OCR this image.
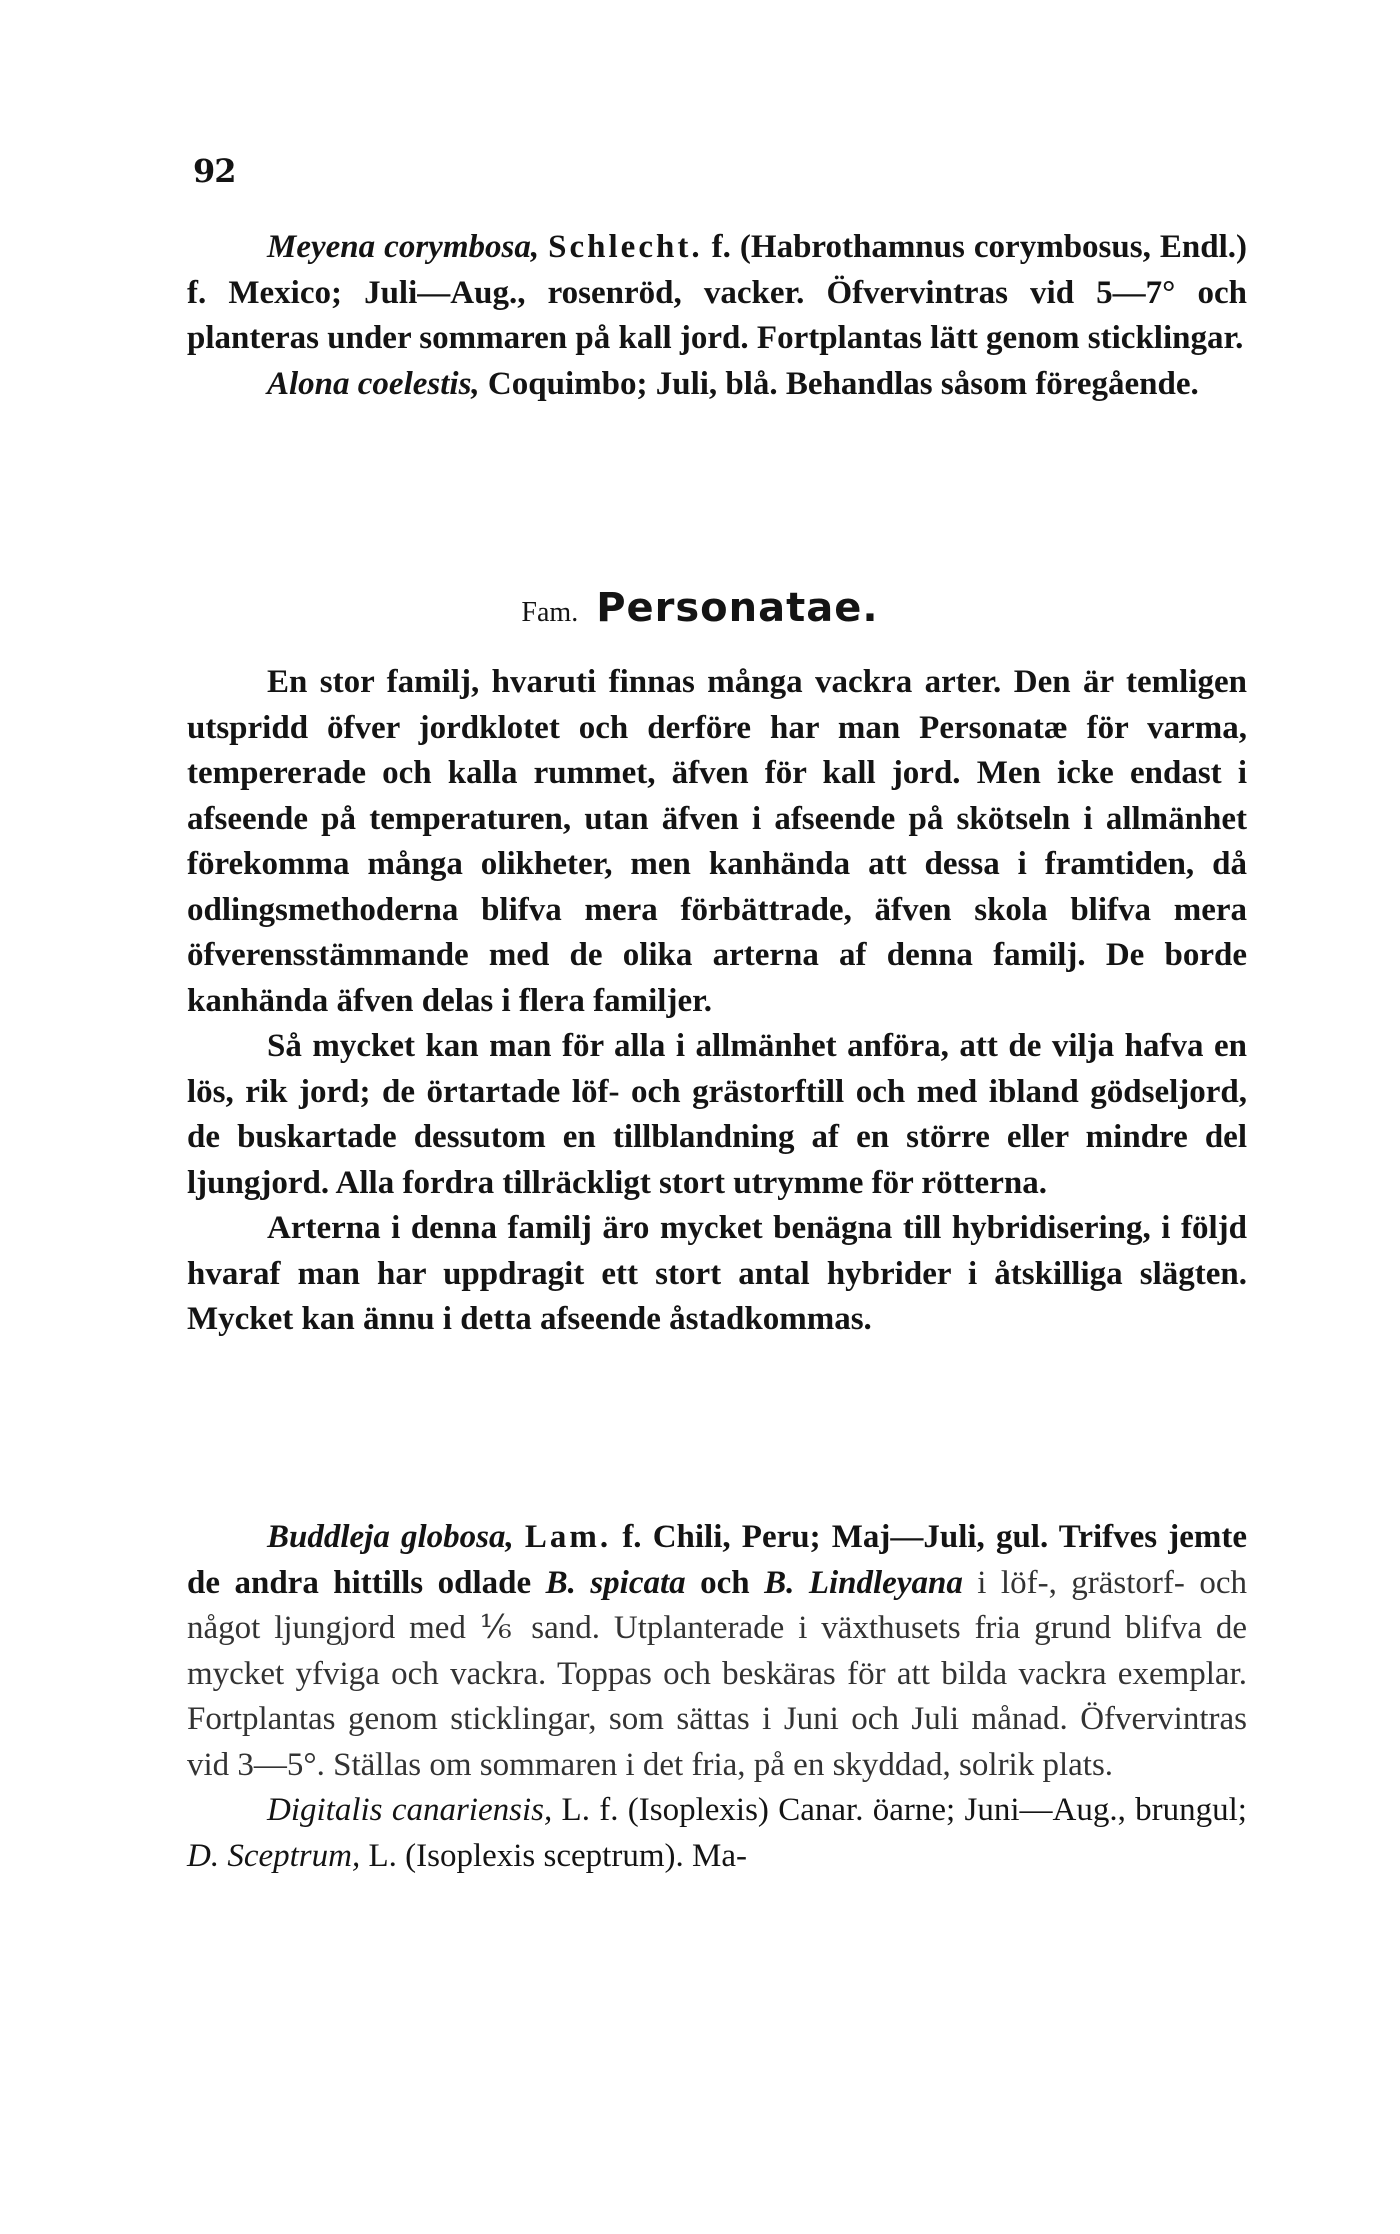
92

Meyena corymbosa, Schlecht. f. (Habrothamnus corymbosus, Endl.) f. Mexico; Juli—Aug., rosenröd, vacker. Öfvervintras vid 5—7° och planteras under sommaren på kall jord. Fortplantas lätt genom sticklingar.

Alona coelestis, Coquimbo; Juli, blå. Behandlas såsom föregående.

Fam. Personatae.

En stor familj, hvaruti finnas många vackra arter. Den är temligen utspridd öfver jordklotet och derföre har man Personatæ för varma, tempererade och kalla rummet, äfven för kall jord. Men icke endast i afseende på temperaturen, utan äfven i afseende på skötseln i allmänhet förekomma många olikheter, men kanhända att dessa i framtiden, då odlingsmethoderna blifva mera förbättrade, äfven skola blifva mera öfverensstämmande med de olika arterna af denna familj. De borde kanhända äfven delas i flera familjer.

Så mycket kan man för alla i allmänhet anföra, att de vilja hafva en lös, rik jord; de örtartade löf- och grästorftill och med ibland gödseljord, de buskartade dessutom en tillblandning af en större eller mindre del ljungjord. Alla fordra tillräckligt stort utrymme för rötterna.

Arterna i denna familj äro mycket benägna till hybridisering, i följd hvaraf man har uppdragit ett stort antal hybrider i åtskilliga slägten. Mycket kan ännu i detta afseende åstadkommas.

Buddleja globosa, Lam. f. Chili, Peru; Maj—Juli, gul. Trifves jemte de andra hittills odlade B. spicata och B. Lindleyana i löf-, grästorf- och något ljungjord med ⅙ sand. Utplanterade i växthusets fria grund blifva de mycket yfviga och vackra. Toppas och beskäras för att bilda vackra exemplar. Fortplantas genom sticklingar, som sättas i Juni och Juli månad. Öfvervintras vid 3—5°. Ställas om sommaren i det fria, på en skyddad, solrik plats.

Digitalis canariensis, L. f. (Isoplexis) Canar. öarne; Juni—Aug., brungul; D. Sceptrum, L. (Isoplexis sceptrum). Ma-
